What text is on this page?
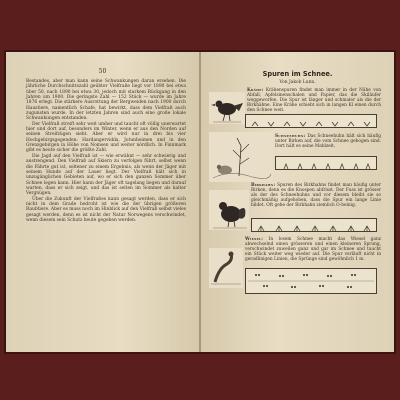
50

Bestandes, aber man kann seine Schwankungen daran ersehen. Die jährliche Durchschnittszahl geübter Vielfraße liegt vor 1890 bei etwa über 50, nach 1890 bei etwa 30, jedoch mit starkem Rückgang in den Jahren um 1900. Die geringste Zahl — 152 Stück — wurde im Jahre 1876 erlegt. Die stärkere Ausrottung der Bergweiden nach 1900 durch Haustiere, namentlich Schafe, hat bewirkt, dass dem Vielfraß auch zugunsten wurde. In der letzten Jahren sind auch eine große lokale Schwankungen entstanden.

Der Vielfraß streift sehr weit umher und taucht oft völlig unerwartet hier und dort auf, besonders im Winter, wenn er aus den Norden auf seinen Streifzügen sieht. Aber er wird nur in drei bis vier Hochgebirgsgegenden: Hardangervidda, Jotunheimen und in den Grenzgebirgen in Höhe von Nomsen und weiter nördlich. In Finnmark gibt es heute sicher die größte Zahl.

Die Jagd auf den Vielfraß ist — wie erwähnt — sehr schwierig und anstrengend. Den Vielfraß auf Skiern zu verfolgen führt, selbst wenn die Fährte gut ist, seltener zu einem Ergebnis, als wenn der Jäger mit seinem Hunde auf der Lauer liegt. Der Vielfraß hält sich in unzugänglichen Gebieten auf, wo er sich den ganzen Sommer über Schnee legen kann. Hier kann der Jäger oft tagelang liegen und darauf warten, dass er sich zeigt, und das ist selten im Sommer als kalter Vergnügen.

Über die Zukunft der Vielfraßes kann gesagt werden, dass er sich nicht in dem Grade bedroht ist wie die der übrigen größeren Raubtiere. Aber es muss noch im Hinblick auf den Vielfraß selbst vieles gesagt werden, denn es ist nicht der Natur Norwegens verschwindet, wenn diesem sein Schutz heute gegeben werden.

Spuren im Schnee.
Von Jakob Lunn.
Krähe: Krähenspuren findet man immer in der Nähe von Abfall, Apfelsinenschalen und Papier, das die Skiläufer weggeworfen. Die Spur ist länger und schmaler als die der Birkhähne. Eine Krähe schiebt sich in langen Kl einen durch den Schnee weit.
Schneehuhn: Das Schneehuhn hält sich häufig unter Birken auf, die vom Schnee gebogen sind. Dort hält es seine Mahlzeit.
Birkhahn: Spuren des Birkhahns findet man häufig unter Birken, denn es die Knospen abfrisst. Der Fuss ist grösser als der des Schneehuhns und vor diesem bleibt sie so gleichmäßig aufgehoben, dass die Spur ein lange Linie bildet. Oft gehe der Birkhahn ziemlich O-beinig.
Wiesel: In losem Schnee macht das Wiesel ganz abwechselnd einen grösseren und einen kleineren Sprung, verschwindet zuweilen ganz und gar im Schnee und taucht ein Stück weiter weg wieder auf. Die Spur verläuft nicht in geradlinigen Linien, die Sprünge sind gewöhnlich 1 m.
